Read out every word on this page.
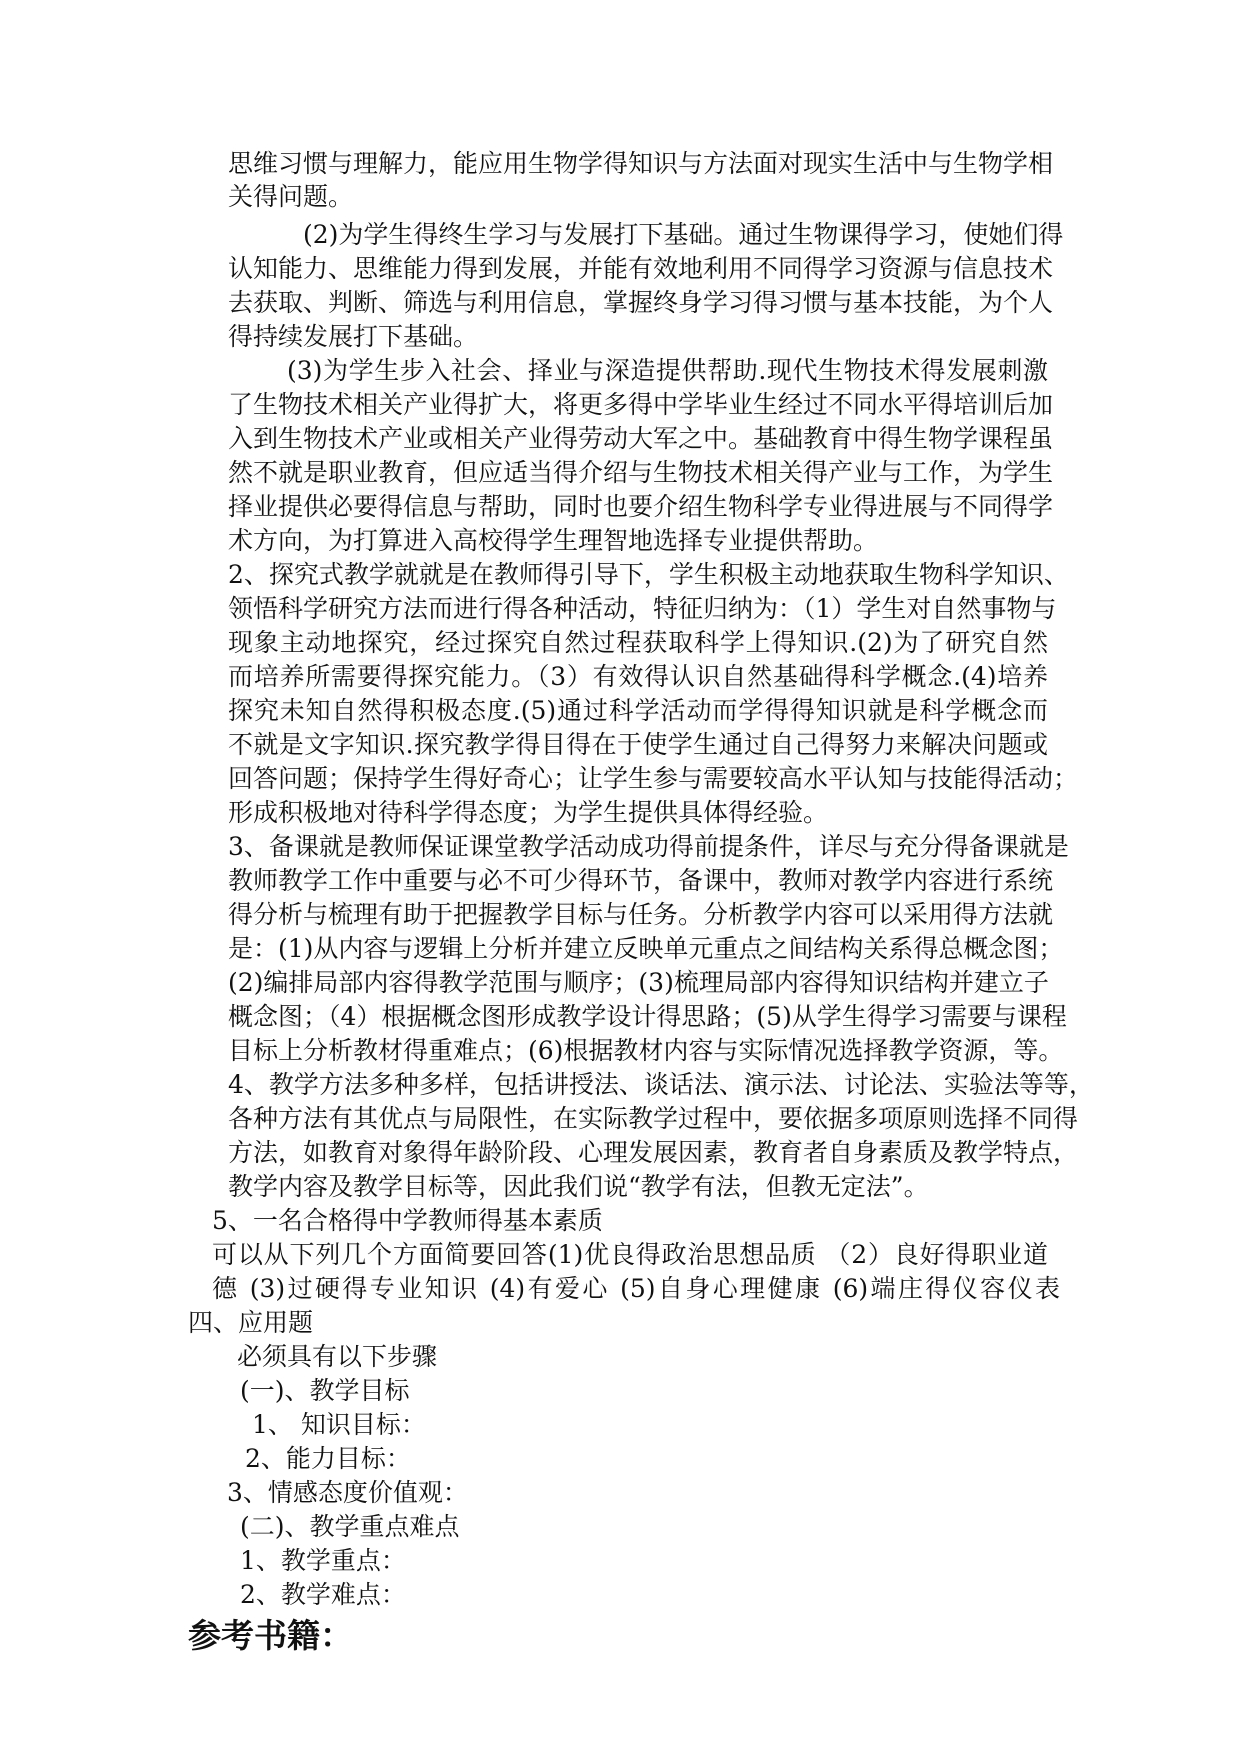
思维习惯与理解力，能应用生物学得知识与方法面对现实生活中与生物学相
关得问题。
(2)为学生得终生学习与发展打下基础。通过生物课得学习，使她们得
认知能力、思维能力得到发展，并能有效地利用不同得学习资源与信息技术
去获取、判断、筛选与利用信息，掌握终身学习得习惯与基本技能，为个人
得持续发展打下基础。
(3)为学生步入社会、择业与深造提供帮助.现代生物技术得发展刺激
了生物技术相关产业得扩大，将更多得中学毕业生经过不同水平得培训后加
入到生物技术产业或相关产业得劳动大军之中。基础教育中得生物学课程虽
然不就是职业教育，但应适当得介绍与生物技术相关得产业与工作，为学生
择业提供必要得信息与帮助，同时也要介绍生物科学专业得进展与不同得学
术方向，为打算进入高校得学生理智地选择专业提供帮助。
2、探究式教学就就是在教师得引导下，学生积极主动地获取生物科学知识、
领悟科学研究方法而进行得各种活动，特征归纳为：（1）学生对自然事物与
现象主动地探究，经过探究自然过程获取科学上得知识.(2)为了研究自然
而培养所需要得探究能力。（3）有效得认识自然基础得科学概念.(4)培养
探究未知自然得积极态度.(5)通过科学活动而学得得知识就是科学概念而
不就是文字知识.探究教学得目得在于使学生通过自己得努力来解决问题或
回答问题；保持学生得好奇心；让学生参与需要较高水平认知与技能得活动；
形成积极地对待科学得态度；为学生提供具体得经验。
3、备课就是教师保证课堂教学活动成功得前提条件，详尽与充分得备课就是
教师教学工作中重要与必不可少得环节，备课中，教师对教学内容进行系统
得分析与梳理有助于把握教学目标与任务。分析教学内容可以采用得方法就
是：(1)从内容与逻辑上分析并建立反映单元重点之间结构关系得总概念图；
(2)编排局部内容得教学范围与顺序；(3)梳理局部内容得知识结构并建立子
概念图；（4）根据概念图形成教学设计得思路；(5)从学生得学习需要与课程
目标上分析教材得重难点；(6)根据教材内容与实际情况选择教学资源，等。
4、教学方法多种多样，包括讲授法、谈话法、演示法、讨论法、实验法等等，
各种方法有其优点与局限性，在实际教学过程中，要依据多项原则选择不同得
方法，如教育对象得年龄阶段、心理发展因素，教育者自身素质及教学特点，
教学内容及教学目标等，因此我们说“教学有法，但教无定法”。
5、一名合格得中学教师得基本素质
可以从下列几个方面简要回答(1)优良得政治思想品质 （2）良好得职业道
德 (3)过硬得专业知识 (4)有爱心 (5)自身心理健康 (6)端庄得仪容仪表
四、应用题
必须具有以下步骤
(一)、教学目标
1、 知识目标：
2、能力目标：
3、情感态度价值观：
(二)、教学重点难点
1、教学重点：
参考书籍：
2、教学难点：
